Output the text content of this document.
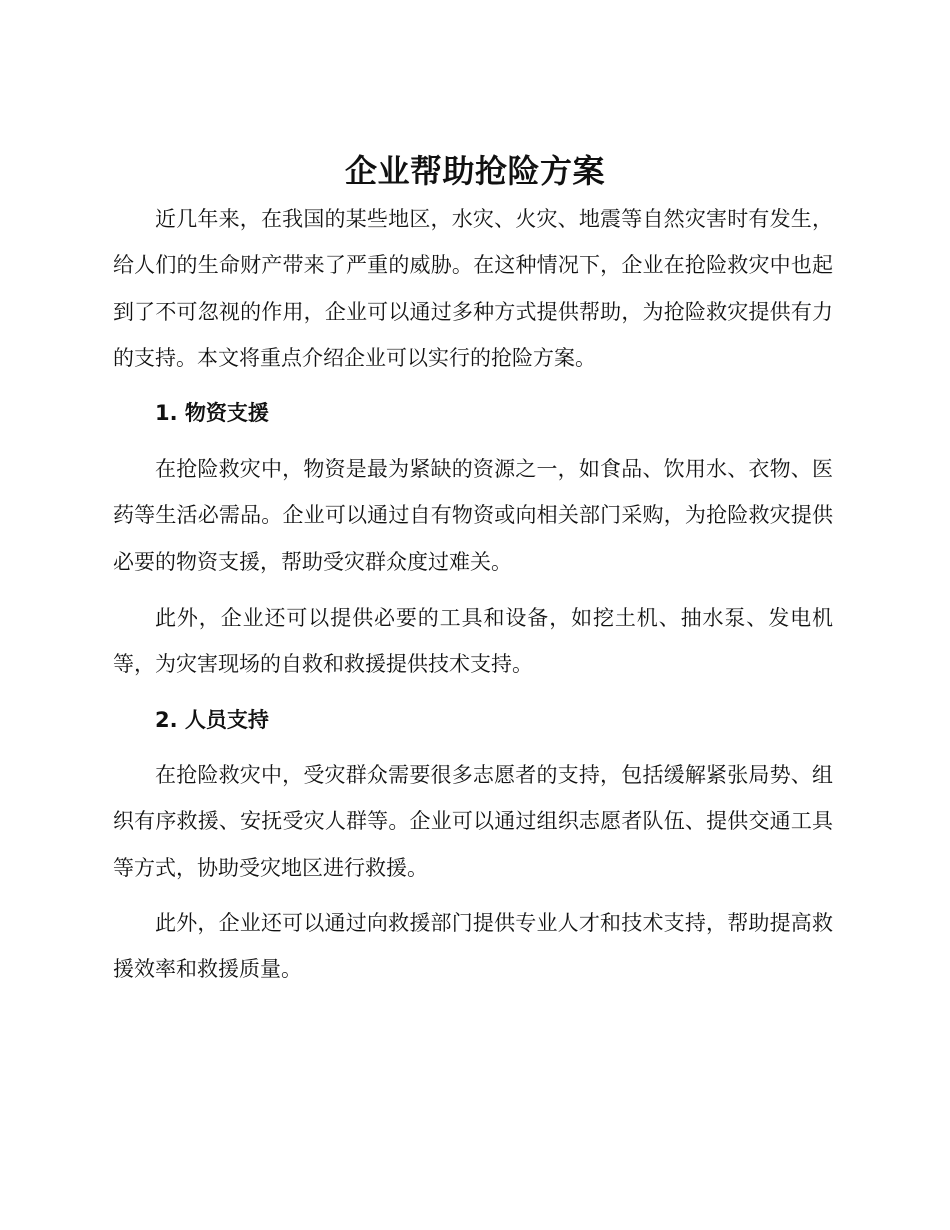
企业帮助抢险方案

近几年来，在我国的某些地区，水灾、火灾、地震等自然灾害时有发生，给人们的生命财产带来了严重的威胁。在这种情况下，企业在抢险救灾中也起到了不可忽视的作用，企业可以通过多种方式提供帮助，为抢险救灾提供有力的支持。本文将重点介绍企业可以实行的抢险方案。

1. 物资支援

在抢险救灾中，物资是最为紧缺的资源之一，如食品、饮用水、衣物、医药等生活必需品。企业可以通过自有物资或向相关部门采购，为抢险救灾提供必要的物资支援，帮助受灾群众度过难关。

此外，企业还可以提供必要的工具和设备，如挖土机、抽水泵、发电机等，为灾害现场的自救和救援提供技术支持。

2. 人员支持

在抢险救灾中，受灾群众需要很多志愿者的支持，包括缓解紧张局势、组织有序救援、安抚受灾人群等。企业可以通过组织志愿者队伍、提供交通工具等方式，协助受灾地区进行救援。

此外，企业还可以通过向救援部门提供专业人才和技术支持，帮助提高救援效率和救援质量。
